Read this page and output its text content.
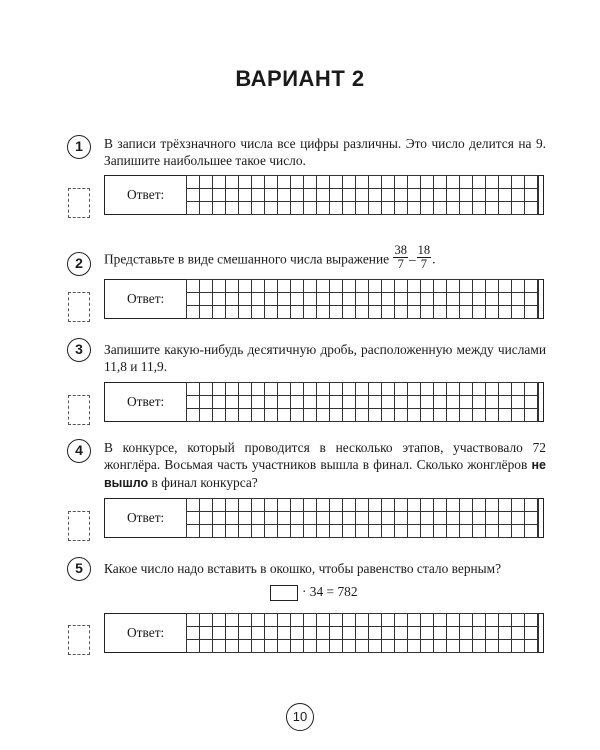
ВАРИАНТ 2
1	В записи трёхзначного числа все цифры различны. Это число делится на 9. Запишите наибольшее такое число.
Ответ:
2	Представьте в виде смешанного числа выражение $\frac{38}{7} - \frac{18}{7}$ .
Ответ:
3	Запишите какую-нибудь десятичную дробь, расположенную между числами 11,8 и 11,9.
Ответ:
4	В конкурсе, который проводится в несколько этапов, участвовало 72 жонглёра. Восьмая часть участников вышла в финал. Сколько жонглёров не вышло в финал конкурса?
Ответ:
5	Какое число надо вставить в окошко, чтобы равенство стало верным?
· 34 = 782
Ответ:
10
